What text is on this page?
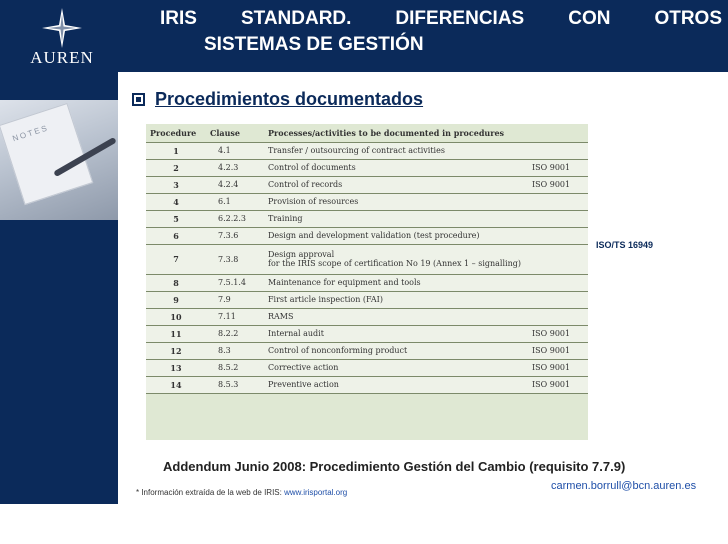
AUREN
IRIS STANDARD. DIFERENCIAS CON OTROS
SISTEMAS DE GESTIÓN
- 11 -
NOTES
Procedimientos documentados
Procedure	Clause	Processes/activities to be documented in procedures	
1	4.1	Transfer / outsourcing of contract activities	
2	4.2.3	Control of documents	ISO 9001
3	4.2.4	Control of records	ISO 9001
4	6.1	Provision of resources	
5	6.2.2.3	Training	
6	7.3.6	Design and development validation (test procedure)	
7	7.3.8	Design approval
for the IRIS scope of certification No 19 (Annex 1 – signalling)	

8	7.5.1.4	Maintenance for equipment and tools	
9	7.9	First article inspection (FAI)	
10	7.11	RAMS	
11	8.2.2	Internal audit	ISO 9001
12	8.3	Control of nonconforming product	ISO 9001
13	8.5.2	Corrective action	ISO 9001
14	8.5.3	Preventive action	ISO 9001
ISO/TS 16949
Addendum Junio 2008: Procedimiento Gestión del Cambio (requisito 7.7.9)
* Información extraída de la web de IRIS: www.irisportal.org
carmen.borrull@bcn.auren.es
